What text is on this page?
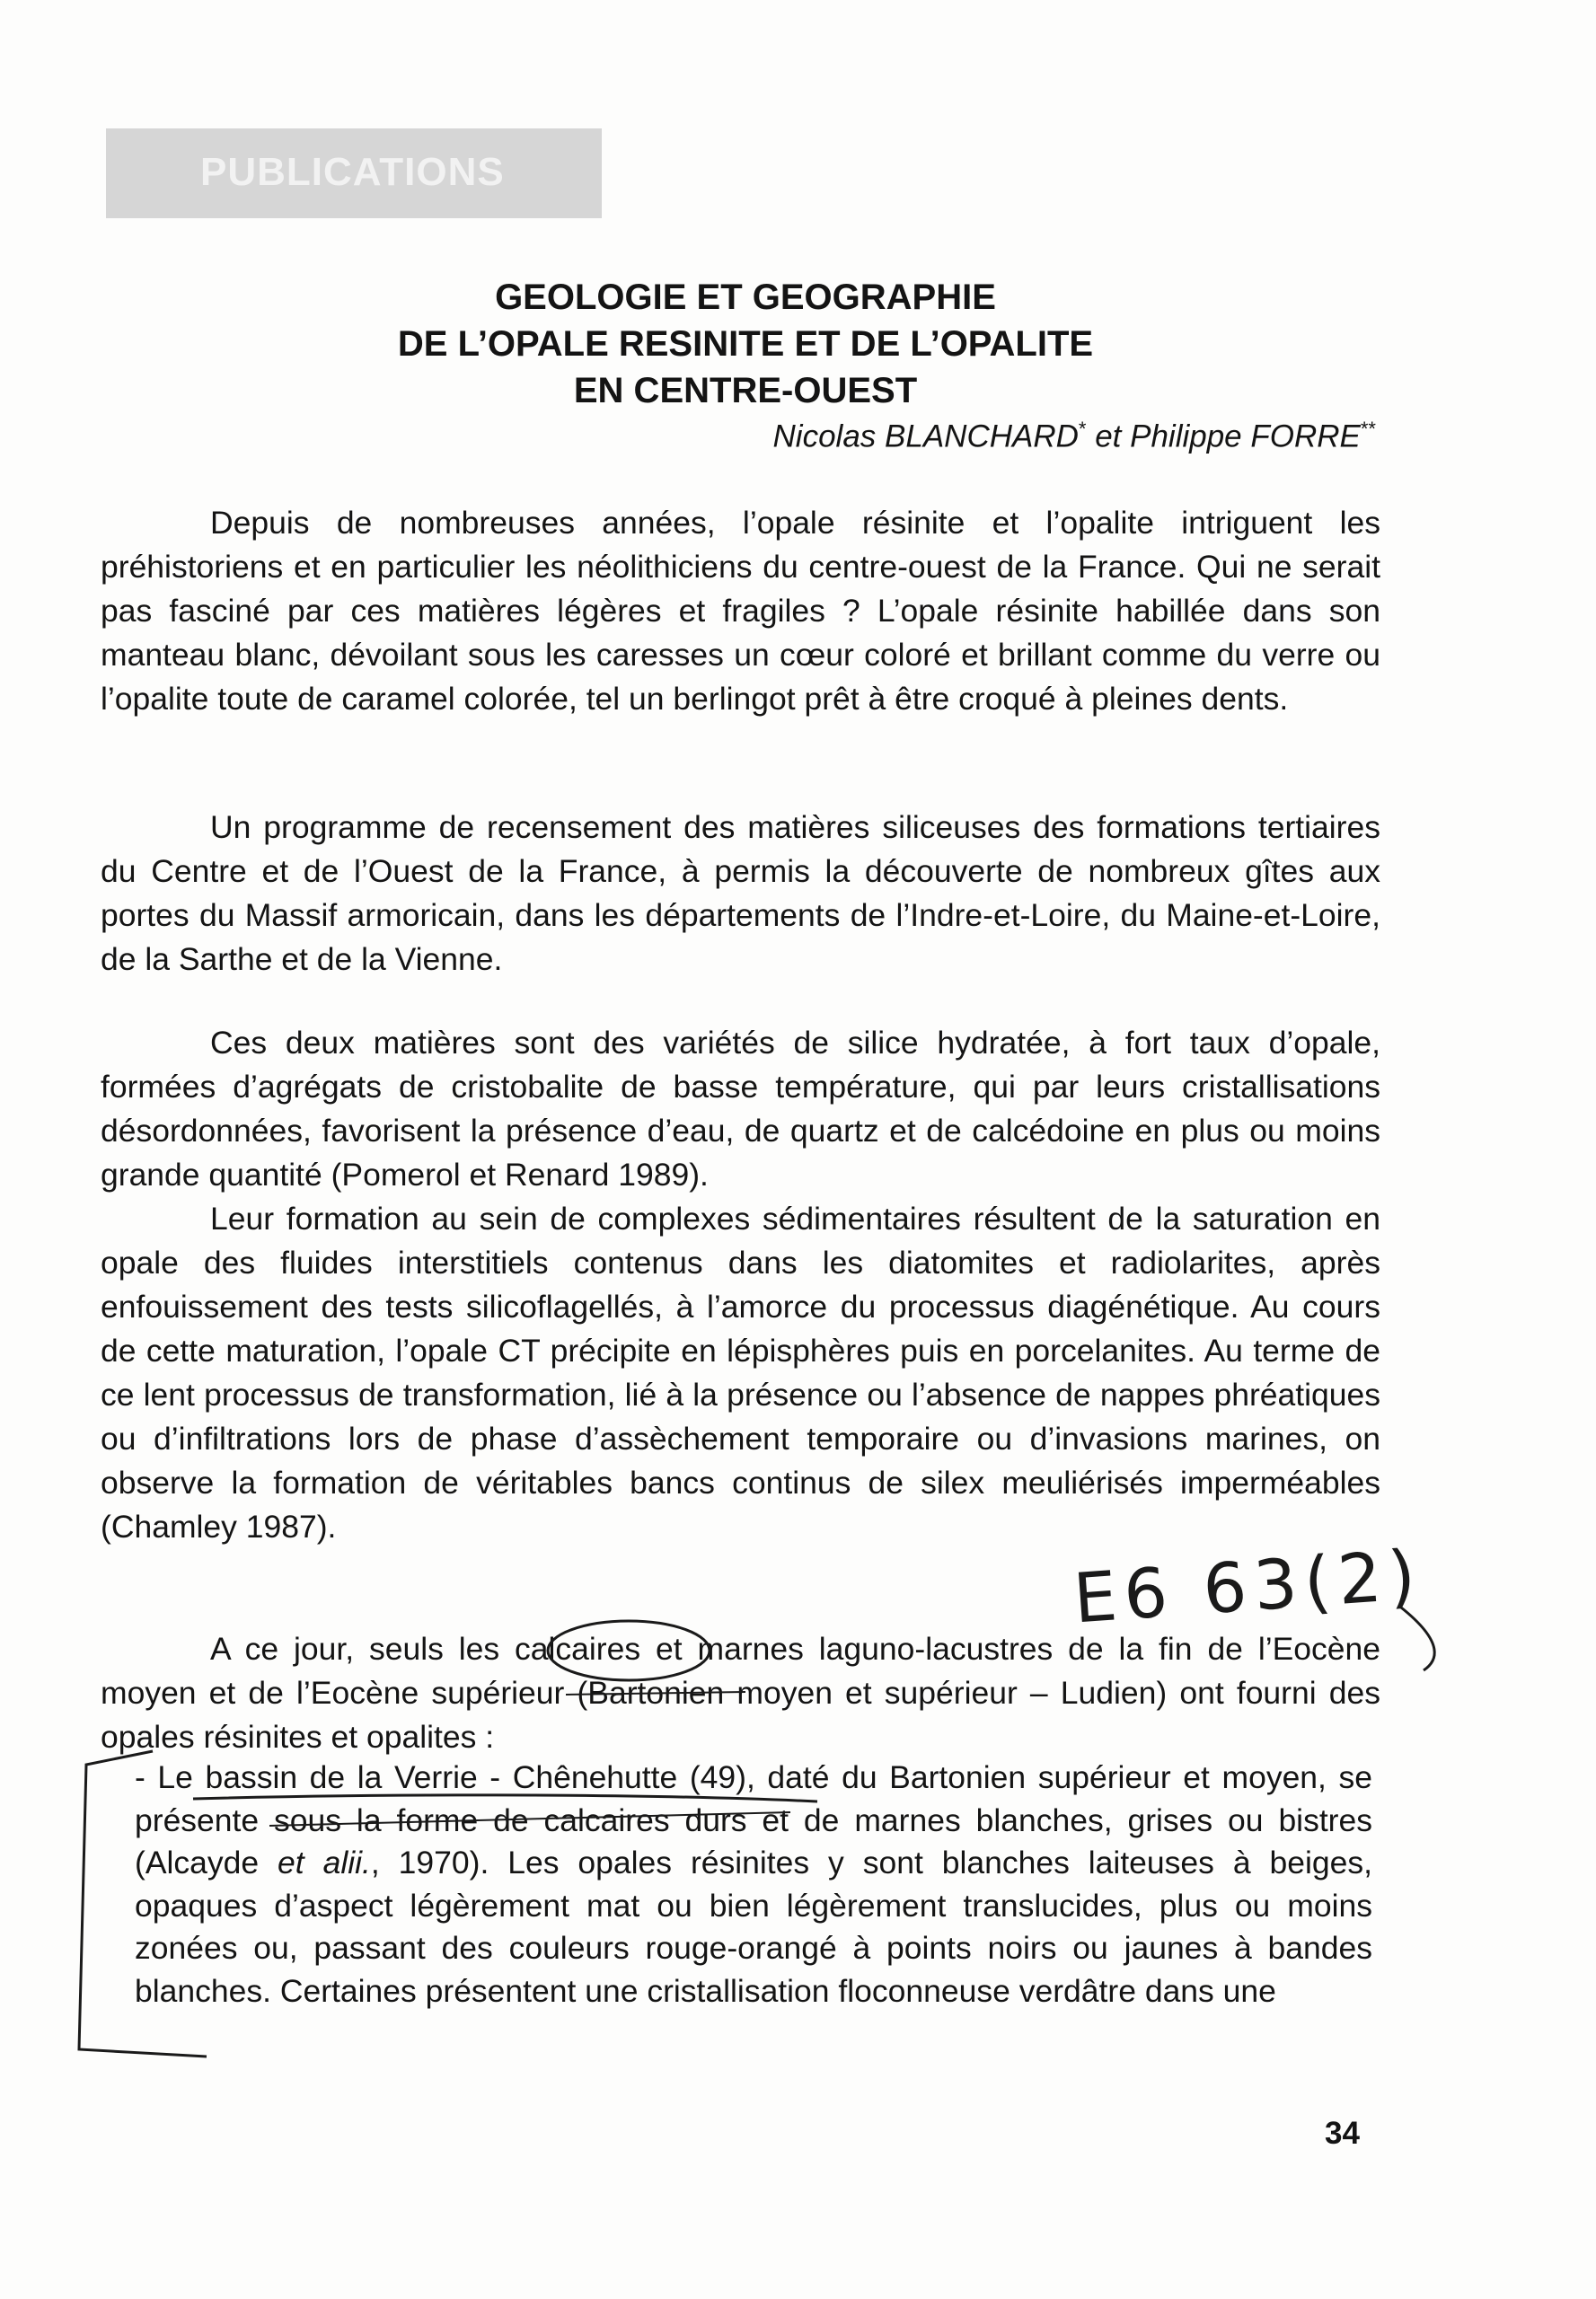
PUBLICATIONS
GEOLOGIE ET GEOGRAPHIE
DE L’OPALE RESINITE ET DE L’OPALITE
EN CENTRE-OUEST
Nicolas BLANCHARD* et Philippe FORRE**

Depuis de nombreuses années, l’opale résinite et l’opalite intriguent les préhistoriens et en particulier les néolithiciens du centre-ouest de la France. Qui ne serait pas fasciné par ces matières légères et fragiles ? L’opale résinite habillée dans son manteau blanc, dévoilant sous les caresses un cœur coloré et brillant comme du verre ou l’opalite toute de caramel colorée, tel un berlingot prêt à être croqué à pleines dents.

Un programme de recensement des matières siliceuses des formations tertiaires du Centre et de l’Ouest de la France, à permis la découverte de nombreux gîtes aux portes du Massif armoricain, dans les départements de l’Indre-et-Loire, du Maine-et-Loire, de la Sarthe et de la Vienne.

Ces deux matières sont des variétés de silice hydratée, à fort taux d’opale, formées d’agrégats de cristobalite de basse température, qui par leurs cristallisations désordonnées, favorisent la présence d’eau, de quartz et de calcédoine en plus ou moins grande quantité (Pomerol et Renard 1989).

Leur formation au sein de complexes sédimentaires résultent de la saturation en opale des fluides interstitiels contenus dans les diatomites et radiolarites, après enfouissement des tests silicoflagellés, à l’amorce du processus diagénétique. Au cours de cette maturation, l’opale CT précipite en lépisphères puis en porcelanites. Au terme de ce lent processus de transformation, lié à la présence ou l’absence de nappes phréatiques ou d’infiltrations lors de phase d’assèchement temporaire ou d’invasions marines, on observe la formation de véritables bancs continus de silex meuliérisés imperméables (Chamley 1987).

A ce jour, seuls les calcaires et marnes laguno-lacustres de la fin de l’Eocène moyen et de l’Eocène supérieur (Bartonien moyen et supérieur – Ludien) ont fourni des opales résinites et opalites :

- Le bassin de la Verrie - Chênehutte (49), daté du Bartonien supérieur et moyen, se présente sous la forme de calcaires durs et de marnes blanches, grises ou bistres (Alcayde et alii., 1970). Les opales résinites y sont blanches laiteuses à beiges, opaques d’aspect légèrement mat ou bien légèrement translucides, plus ou moins zonées ou, passant des couleurs rouge-orangé à points noirs ou jaunes à bandes blanches. Certaines présentent une cristallisation floconneuse verdâtre dans une
34
E6 63(2)
